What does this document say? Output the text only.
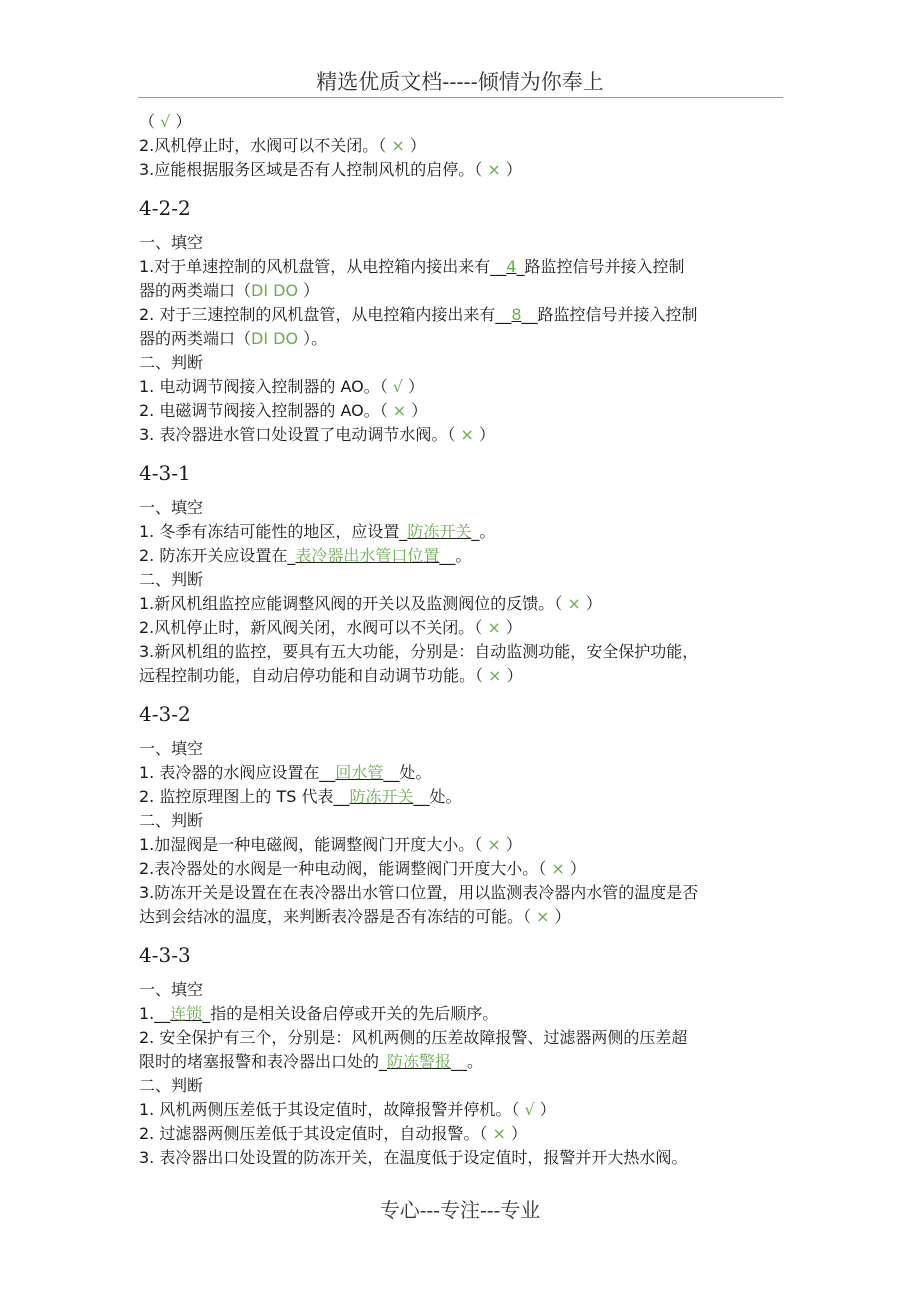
精选优质文档-----倾情为你奉上
（ √ ）
2.风机停止时，水阀可以不关闭。（ × ）
3.应能根据服务区域是否有人控制风机的启停。（ × ）
4-2-2
一、填空
1.对于单速控制的风机盘管，从电控箱内接出来有__4_路监控信号并接入控制
器的两类端口（DI DO ）
2. 对于三速控制的风机盘管，从电控箱内接出来有__8__路监控信号并接入控制
器的两类端口（DI DO ）。
二、判断
1. 电动调节阀接入控制器的 AO。（ √ ）
2. 电磁调节阀接入控制器的 AO。（ × ）
3. 表冷器进水管口处设置了电动调节水阀。（ × ）
4-3-1
一、填空
1. 冬季有冻结可能性的地区，应设置_防冻开关_。
2. 防冻开关应设置在_表冷器出水管口位置__。
二、判断
1.新风机组监控应能调整风阀的开关以及监测阀位的反馈。（ × ）
2.风机停止时，新风阀关闭，水阀可以不关闭。（ × ）
3.新风机组的监控，要具有五大功能，分别是：自动监测功能，安全保护功能，
远程控制功能，自动启停功能和自动调节功能。（ × ）
4-3-2
一、填空
1. 表冷器的水阀应设置在__回水管__处。
2. 监控原理图上的 TS 代表__防冻开关__处。
二、判断
1.加湿阀是一种电磁阀，能调整阀门开度大小。（ × ）
2.表冷器处的水阀是一种电动阀，能调整阀门开度大小。（ × ）
3.防冻开关是设置在在表冷器出水管口位置，用以监测表冷器内水管的温度是否
达到会结冰的温度，来判断表冷器是否有冻结的可能。（ × ）
4-3-3
一、填空
1.__连锁_指的是相关设备启停或开关的先后顺序。
2. 安全保护有三个，分别是：风机两侧的压差故障报警、过滤器两侧的压差超
限时的堵塞报警和表冷器出口处的_防冻警报__。
二、判断
1. 风机两侧压差低于其设定值时，故障报警并停机。（ √ ）
2. 过滤器两侧压差低于其设定值时，自动报警。（ × ）
3. 表冷器出口处设置的防冻开关，在温度低于设定值时，报警并开大热水阀。
专心---专注---专业
